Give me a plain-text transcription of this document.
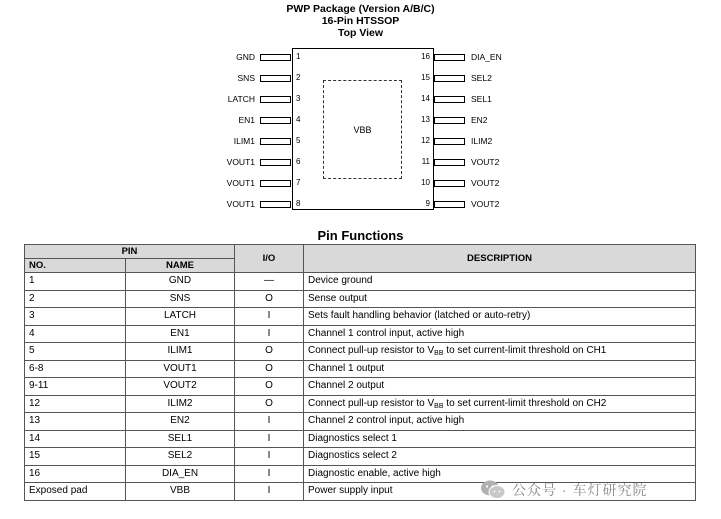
PWP Package (Version A/B/C)
16-Pin HTSSOP
Top View
VBB
GND	1
SNS	2
LATCH	3
EN1	4
ILIM1	5
VOUT1	6
VOUT1	7
VOUT1	8
DIA_EN
16
SEL2
15
SEL1
14
EN2
13
ILIM2
12
VOUT2
11
VOUT2
10
VOUT2
9
Pin Functions
PIN		I/O	DESCRIPTION
NO.	NAME		
1	GND	—	Device ground
2	SNS	O	Sense output
3	LATCH	I	Sets fault handling behavior (latched or auto-retry)
4	EN1	I	Channel 1 control input, active high
5	ILIM1	O	Connect pull-up resistor to $V_{BB}$ to set current-limit threshold on CH1
6-8	VOUT1	O	Channel 1 output
9-11	VOUT2	O	Channel 2 output
12	ILIM2	O	Connect pull-up resistor to $V_{BB}$ to set current-limit threshold on CH2
13	EN2	I	Channel 2 control input, active high
14	SEL1	I	Diagnostics select 1
15	SEL2	I	Diagnostics select 2
16	DIA_EN	I	Diagnostic enable, active high
Exposed pad	VBB	I	Power supply input	公众号 · 车灯研究院
